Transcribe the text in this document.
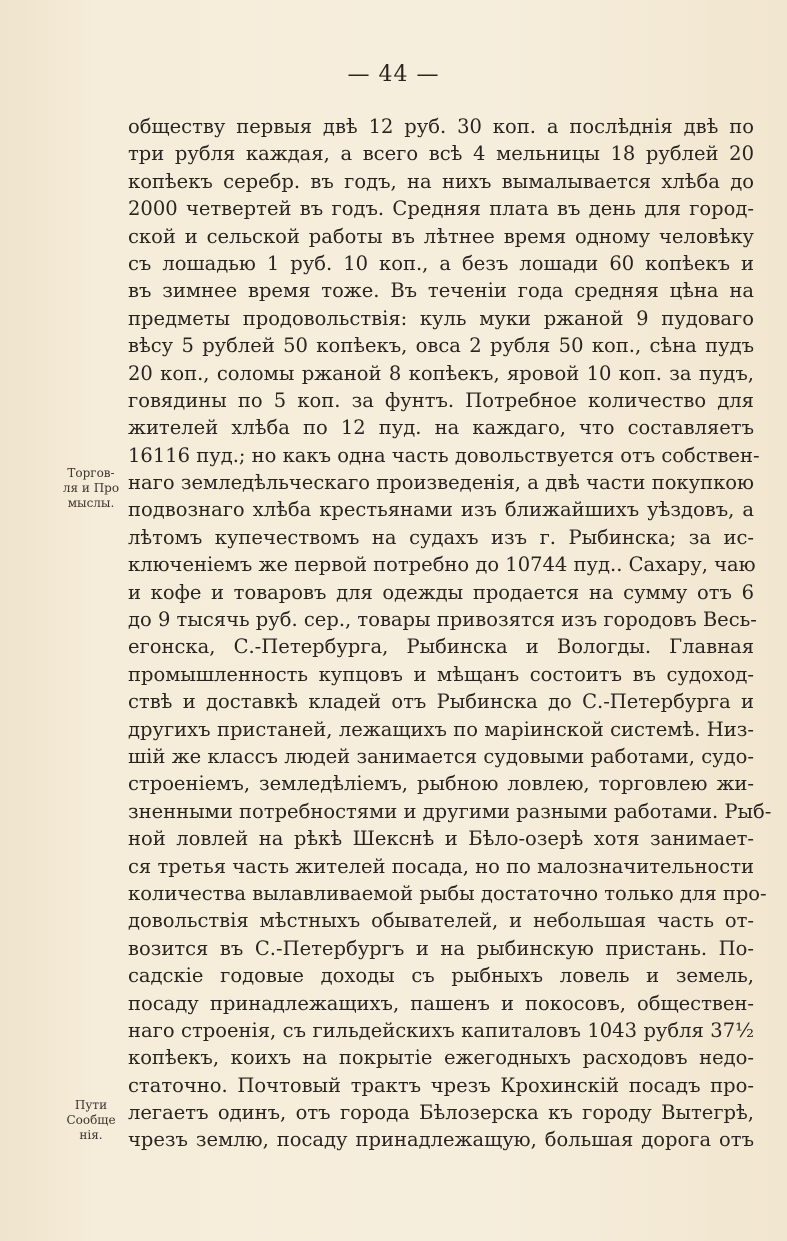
— 44 —
Торгов-
ля и Про
мыслы.
Пути
Сообще
нія.
обществу первыя двѣ 12 руб. 30 коп. а послѣднія двѣ по
три рубля каждая, а всего всѣ 4 мельницы 18 рублей 20
копѣекъ серебр. въ годъ, на нихъ вымалывается хлѣба до
2000 четвертей въ годъ. Средняя плата въ день для город-
ской и сельской работы въ лѣтнее время одному человѣку
съ лошадью 1 руб. 10 коп., а безъ лошади 60 копѣекъ и
въ зимнее время тоже. Въ теченіи года средняя цѣна на
предметы продовольствія: куль муки ржаной 9 пудоваго
вѣсу 5 рублей 50 копѣекъ, овса 2 рубля 50 коп., сѣна пудъ
20 коп., соломы ржаной 8 копѣекъ, яровой 10 коп. за пудъ,
говядины по 5 коп. за фунтъ. Потребное количество для
жителей хлѣба по 12 пуд. на каждаго, что составляетъ
16116 пуд.; но какъ одна часть довольствуется отъ собствен-
наго земледѣльческаго произведенія, а двѣ части покупкою
подвознаго хлѣба крестьянами изъ ближайшихъ уѣздовъ, а
лѣтомъ купечествомъ на судахъ изъ г. Рыбинска; за ис-
ключеніемъ же первой потребно до 10744 пуд.. Сахару, чаю
и кофе и товаровъ для одежды продается на сумму отъ 6
до 9 тысячь руб. сер., товары привозятся изъ городовъ Весь-
егонска, С.-Петербурга, Рыбинска и Вологды. Главная
промышленность купцовъ и мѣщанъ состоитъ въ судоход-
ствѣ и доставкѣ кладей отъ Рыбинска до С.-Петербурга и
другихъ пристаней, лежащихъ по маріинской системѣ. Низ-
шій же классъ людей занимается судовыми работами, судо-
строеніемъ, земледѣліемъ, рыбною ловлею, торговлею жи-
зненными потребностями и другими разными работами. Рыб-
ной ловлей на рѣкѣ Шекснѣ и Бѣло-озерѣ хотя занимает-
ся третья часть жителей посада, но по малозначительности
количества вылавливаемой рыбы достаточно только для про-
довольствія мѣстныхъ обывателей, и небольшая часть от-
возится въ С.-Петербургъ и на рыбинскую пристань. По-
садскіе годовые доходы съ рыбныхъ ловель и земель,
посаду принадлежащихъ, пашенъ и покосовъ, обществен-
наго строенія, съ гильдейскихъ капиталовъ 1043 рубля 37½
копѣекъ, коихъ на покрытіе ежегодныхъ расходовъ недо-
статочно. Почтовый трактъ чрезъ Крохинскій посадъ про-
легаетъ одинъ, отъ города Бѣлозерска къ городу Вытегрѣ,
чрезъ землю, посаду принадлежащую, большая дорога отъ
